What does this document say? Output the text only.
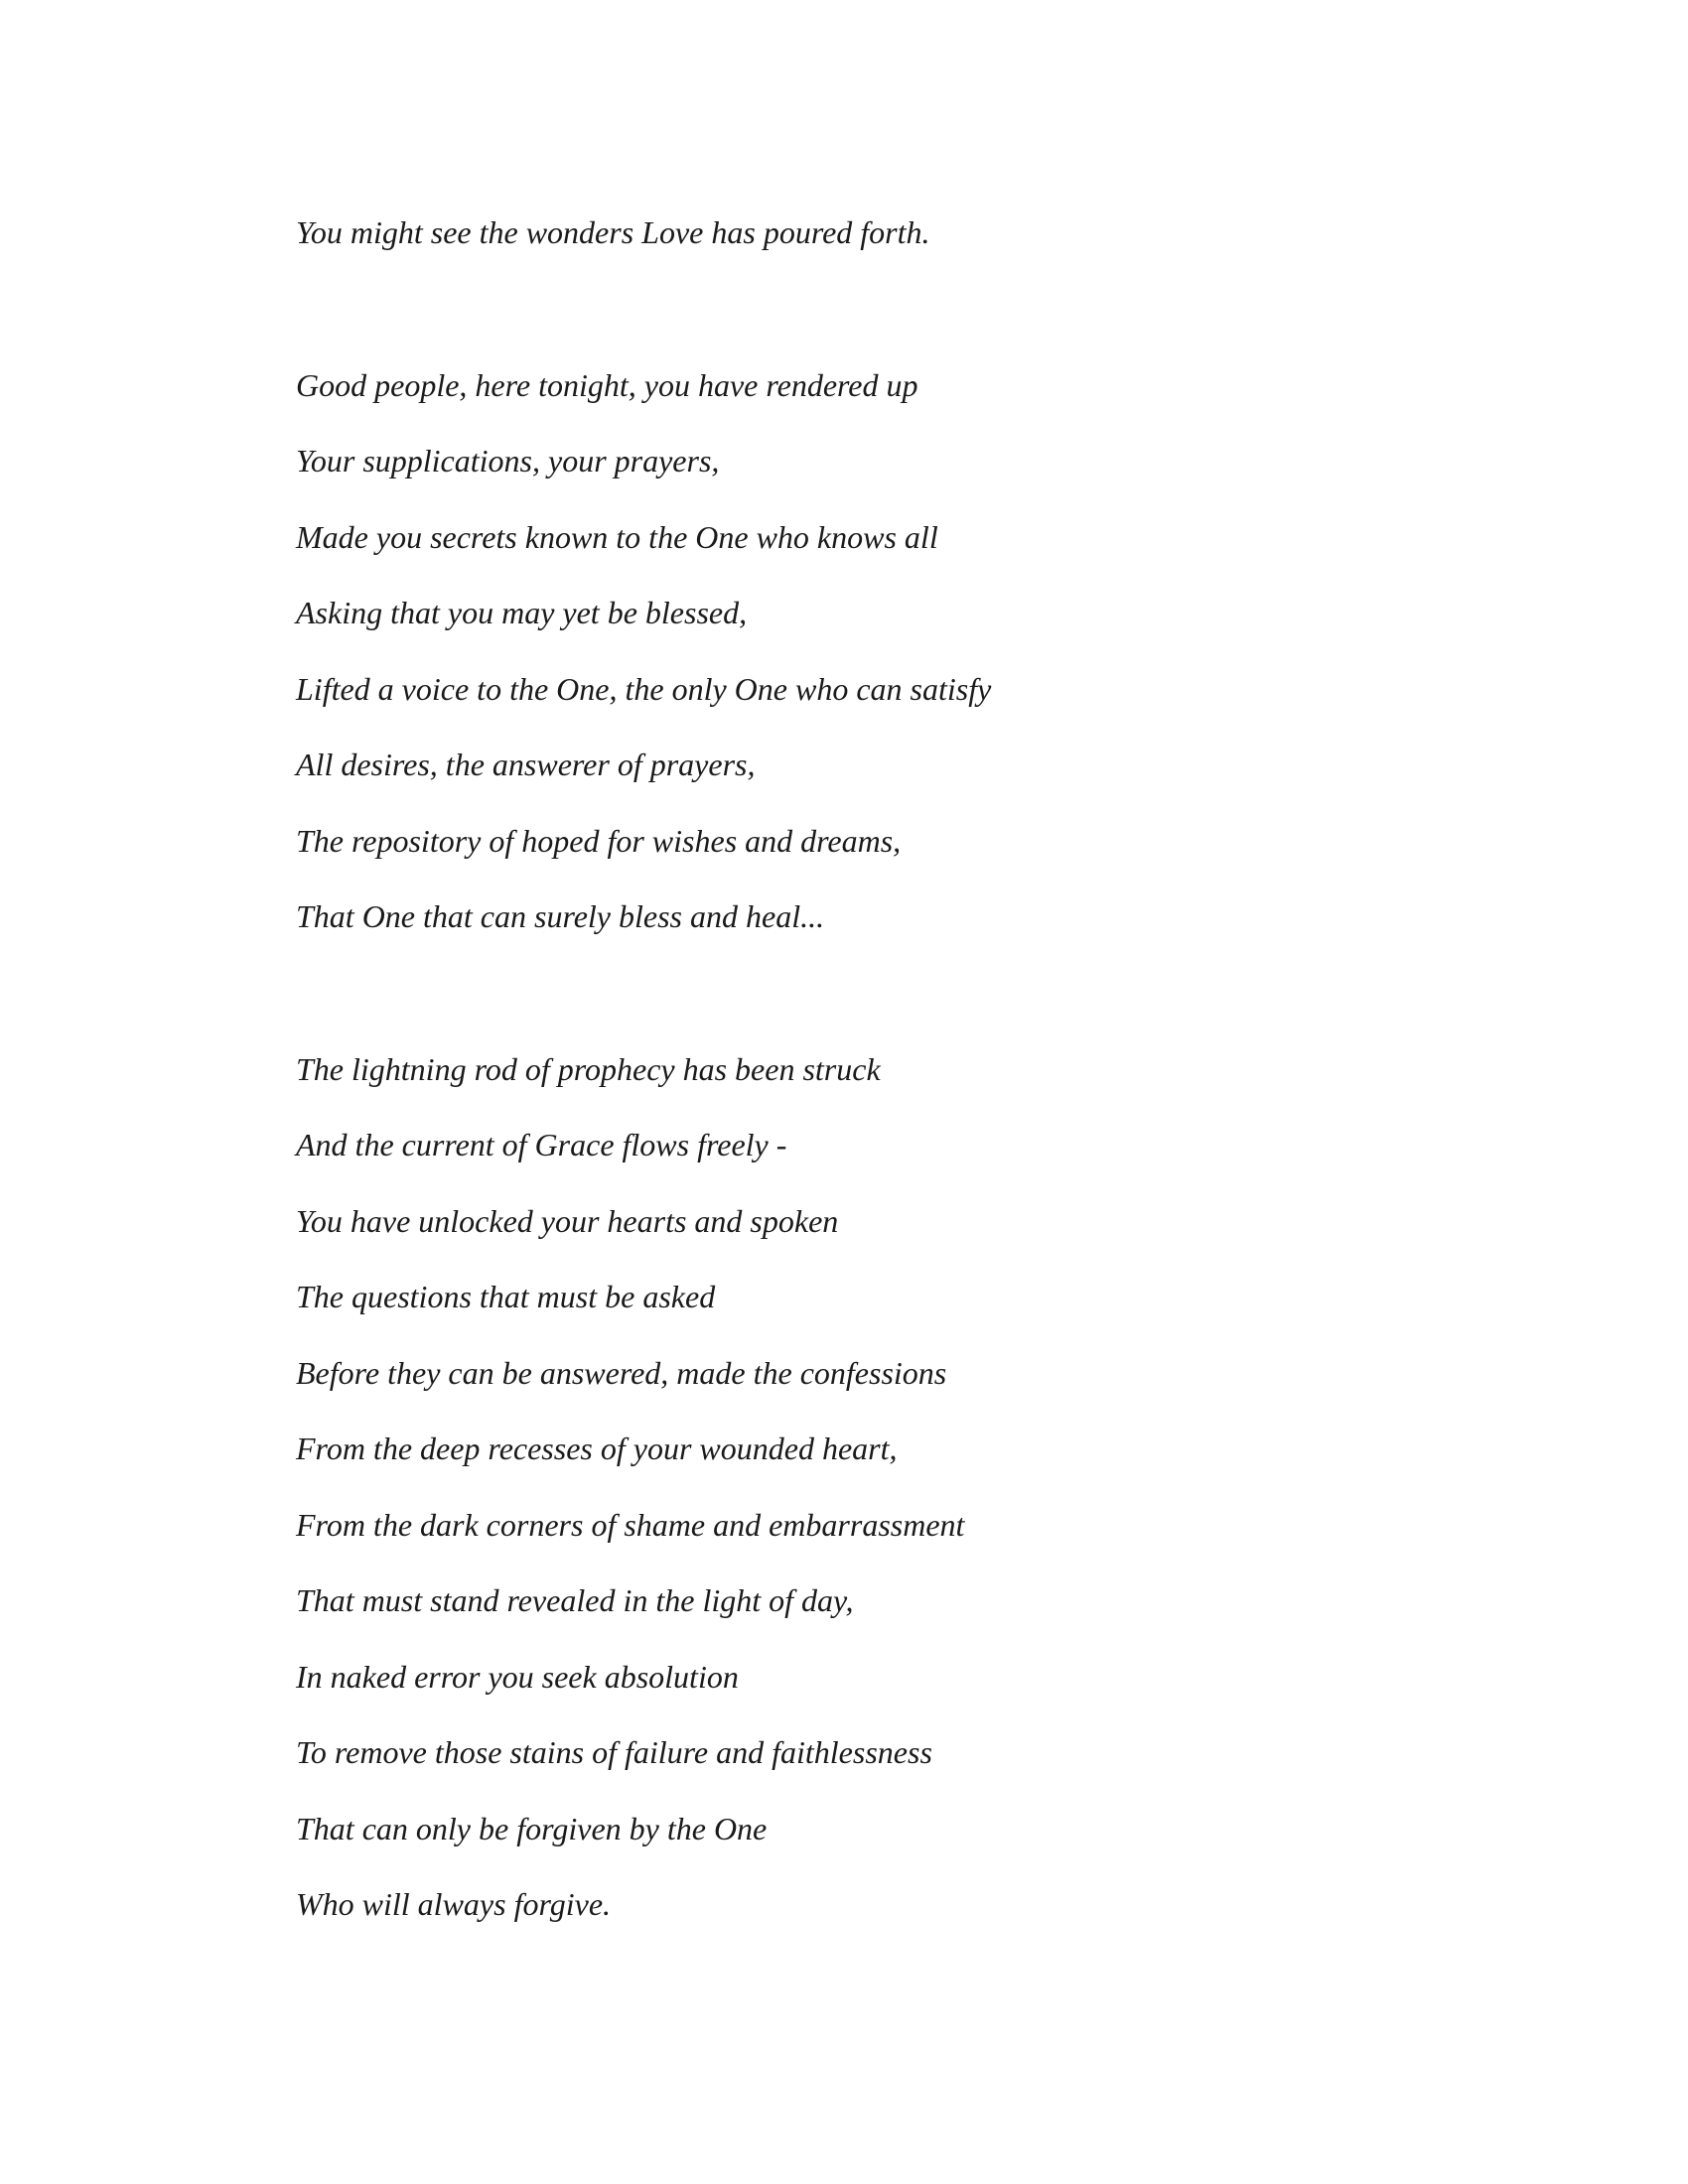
You might see the wonders Love has poured forth.
Good people, here tonight, you have rendered up
Your supplications, your prayers,
Made you secrets known to the One who knows all
Asking that you may yet be blessed,
Lifted a voice to the One, the only One who can satisfy
All desires, the answerer of prayers,
The repository of hoped for wishes and dreams,
That One that can surely bless and heal...
The lightning rod of prophecy has been struck
And the current of Grace flows freely -
You have unlocked your hearts and spoken
The questions that must be asked
Before they can be answered, made the confessions
From the deep recesses of your wounded heart,
From the dark corners of shame and embarrassment
That must stand revealed in the light of day,
In naked error you seek absolution
To remove those stains of failure and faithlessness
That can only be forgiven by the One
Who will always forgive.
